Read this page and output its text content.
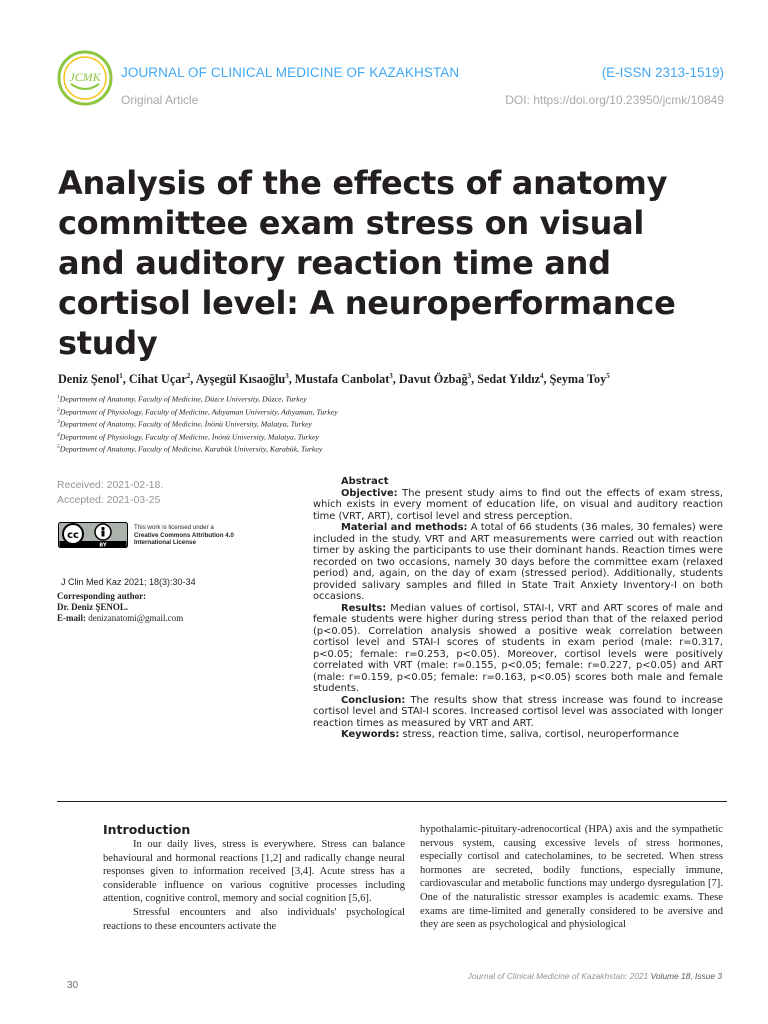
JCMK JOURNAL OF CLINICAL MEDICINE OF KAZAKHSTAN	(E-ISSN 2313-1519)
Original Article	DOI: https://doi.org/10.23950/jcmk/10849
Analysis of the effects of anatomy
committee exam stress on visual
and auditory reaction time and
cortisol level: A neuroperformance
study
Deniz Şenol$^1$, Cihat Uçar$^2$, Ayşegül Kısaoğlu$^3$, Mustafa Canbolat$^3$, Davut Özbağ$^3$, Sedat Yıldız$^4$, Şeyma Toy$^5$
$^1$Department of Anatomy, Faculty of Medicine, Düzce University, Düzce, Turkey
$^2$Department of Physiology, Faculty of Medicine, Adıyaman University, Adıyaman, Turkey
$^3$Department of Anatomy, Faculty of Medicine, İnönü University, Malatya, Turkey
$^4$Department of Physiology, Faculty of Medicine, İnönü University, Malatya, Turkey
$^5$Department of Anatomy, Faculty of Medicine, Karabük University, Karabük, Turkey
Received: 2021-02-18.
Accepted: 2021-03-25
cc
BY
This work is licensed under a
Creative Commons Attribution 4.0
International License
J Clin Med Kaz 2021; 18(3):30-34
Corresponding author:
Dr. Deniz ŞENOL.
E-mail: denizanatomi@gmail.com
Abstract

Objective: The present study aims to find out the effects of exam stress, which exists in every moment of education life, on visual and auditory reaction time (VRT, ART), cortisol level and stress perception.

Material and methods: A total of 66 students (36 males, 30 females) were included in the study. VRT and ART measurements were carried out with reaction timer by asking the participants to use their dominant hands. Reaction times were recorded on two occasions, namely 30 days before the committee exam (relaxed period) and, again, on the day of exam (stressed period). Additionally, students provided salivary samples and filled in State Trait Anxiety Inventory-I on both occasions.

Results: Median values of cortisol, STAI-I, VRT and ART scores of male and female students were higher during stress period than that of the relaxed period (p<0.05). Correlation analysis showed a positive weak correlation between cortisol level and STAI-I scores of students in exam period (male: r=0.317, p<0.05; female: r=0.253, p<0.05). Moreover, cortisol levels were positively correlated with VRT (male: r=0.155, p<0.05; female: r=0.227, p<0.05) and ART (male: r=0.159, p<0.05; female: r=0.163, p<0.05) scores both male and female students.

Conclusion: The results show that stress increase was found to increase cortisol level and STAI-I scores. Increased cortisol level was associated with longer reaction times as measured by VRT and ART.

Keywords: stress, reaction time, saliva, cortisol, neuroperformance

Introduction

In our daily lives, stress is everywhere. Stress can balance behavioural and hormonal reactions [1,2] and radically change neural responses given to information received [3,4]. Acute stress has a considerable influence on various cognitive processes including attention, cognitive control, memory and social cognition [5,6].

Stressful encounters and also individuals' psychological reactions to these encounters activate the

hypothalamic-pituitary-adrenocortical (HPA) axis and the sympathetic nervous system, causing excessive levels of stress hormones, especially cortisol and catecholamines, to be secreted. When stress hormones are secreted, bodily functions, especially immune, cardiovascular and metabolic functions may undergo dysregulation [7]. One of the naturalistic stressor examples is academic exams. These exams are time-limited and generally considered to be aversive and they are seen as psychological and physiological

Journal of Clinical Medicine of Kazakhstan: 2021 Volume 18, Issue 3
30
